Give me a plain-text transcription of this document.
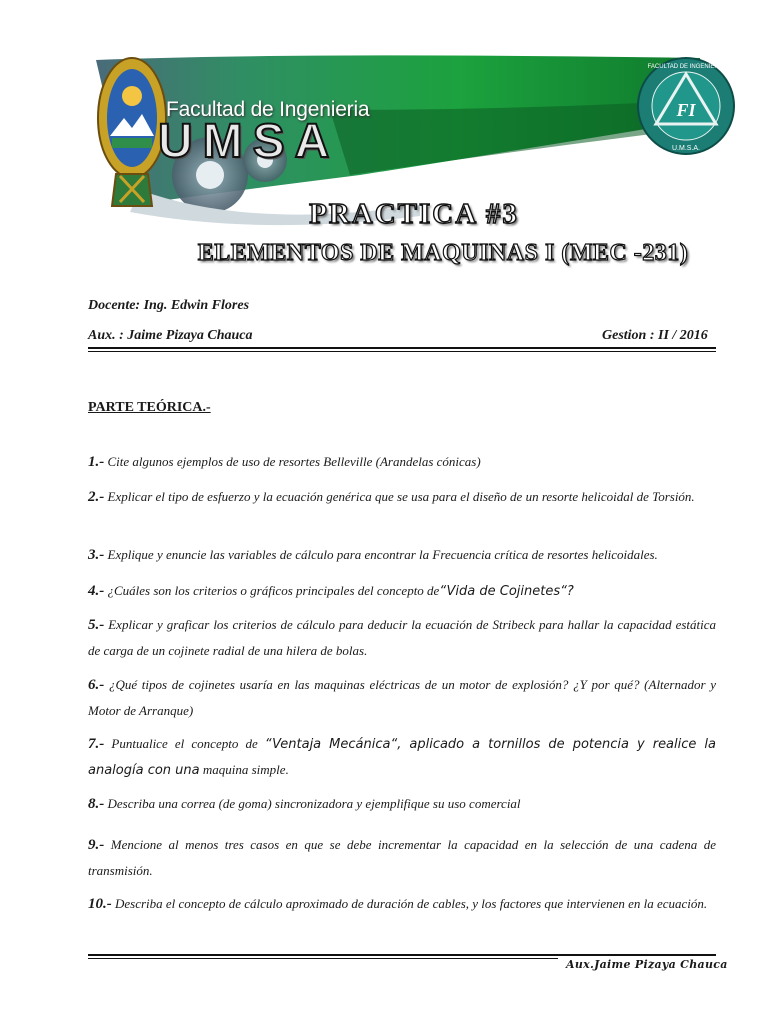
FI
FACULTAD DE INGENIERIA
U.M.S.A.
Facultad de Ingenieria
UMSA
PRACTICA #3
ELEMENTOS DE MAQUINAS I (MEC -231)
Docente: Ing. Edwin Flores
Aux. : Jaime Pizaya Chauca	Gestion : II / 2016
PARTE TEÓRICA.-
1.- Cite algunos ejemplos de uso de resortes Belleville (Arandelas cónicas)
2.- Explicar el tipo de esfuerzo y la ecuación genérica que se usa para el diseño de un resorte helicoidal de Torsión.
3.- Explique y enuncie las variables de cálculo para encontrar la Frecuencia crítica de resortes helicoidales.
4.- ¿Cuáles son los criterios o gráficos principales del concepto de“Vida de Cojinetes“?
5.- Explicar y graficar los criterios de cálculo para deducir la ecuación de Stribeck para hallar la capacidad estática de carga de un cojinete radial de una hilera de bolas.
6.- ¿Qué tipos de cojinetes usaría en las maquinas eléctricas de un motor de explosión? ¿Y por qué? (Alternador y Motor de Arranque)
7.- Puntualice el concepto de “Ventaja Mecánica“, aplicado a tornillos de potencia y realice la analogía con una maquina simple.
8.- Describa una correa (de goma) sincronizadora y ejemplifique su uso comercial
9.- Mencione al menos tres casos en que se debe incrementar la capacidad en la selección de una cadena de transmisión.
10.- Describa el concepto de cálculo aproximado de duración de cables, y los factores que intervienen en la ecuación.
Aux.Jaime Pizaya Chauca
